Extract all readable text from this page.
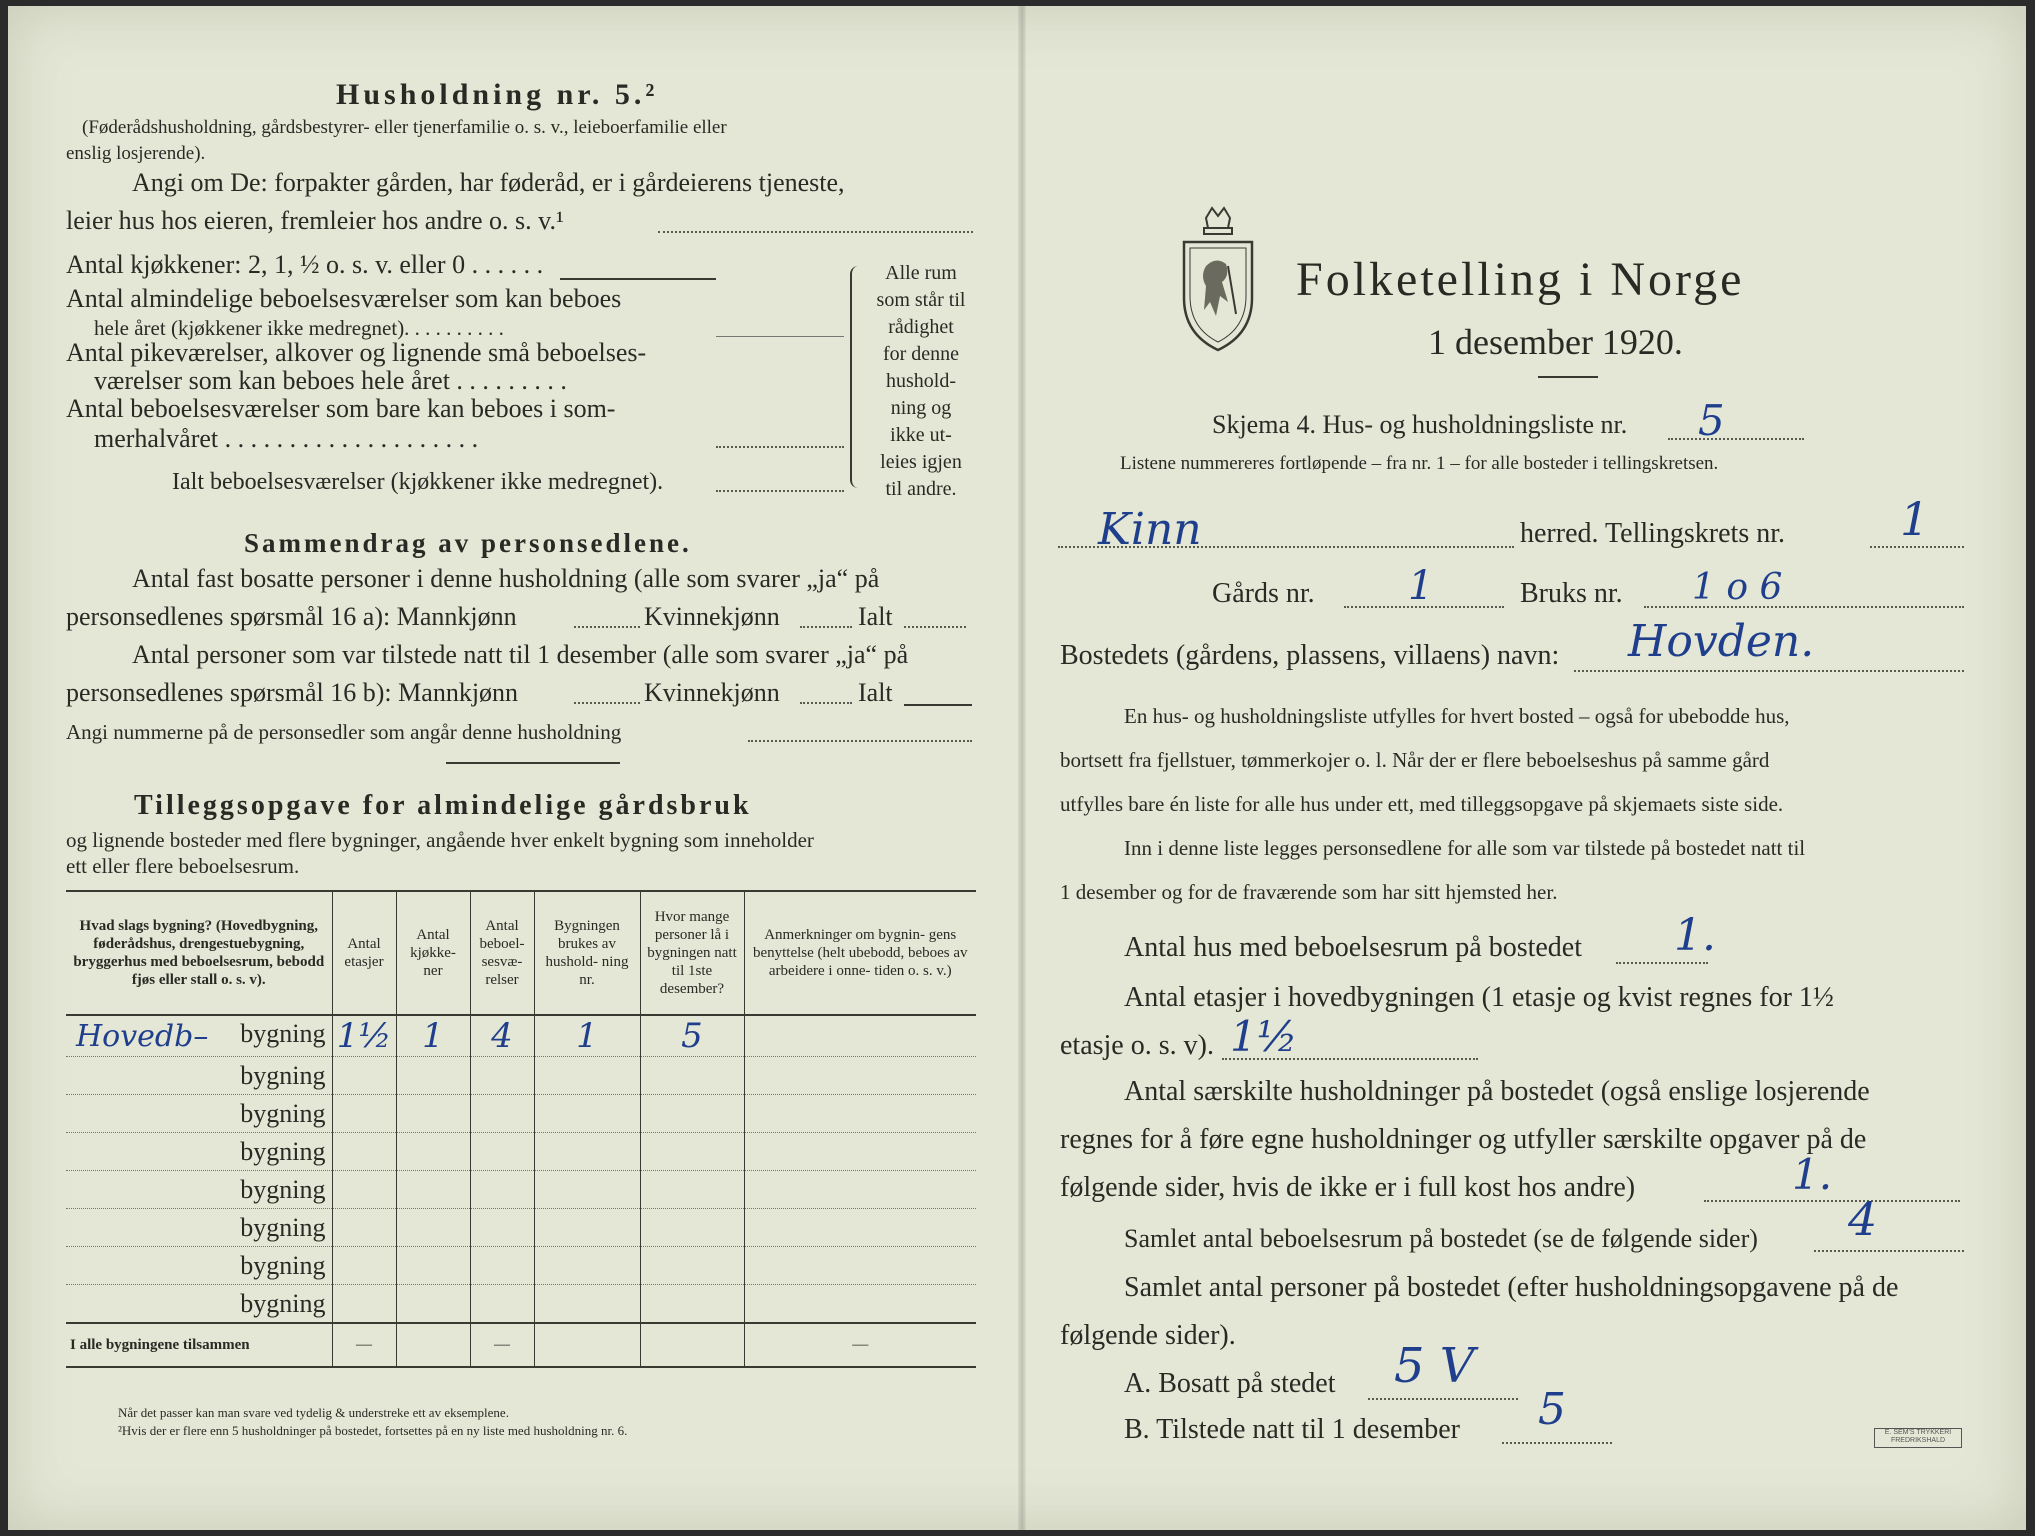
Husholdning nr. 5.²
(Føderådshusholdning, gårdsbestyrer- eller tjenerfamilie o. s. v., leieboerfamilie eller
enslig losjerende).
Angi om De: forpakter gården, har føderåd, er i gårdeierens tjeneste,
leier hus hos eieren, fremleier hos andre o. s. v.¹
Antal kjøkkener: 2, 1, ½ o. s. v. eller 0 . . . . . .
Antal almindelige beboelsesværelser som kan beboes
hele året (kjøkkener ikke medregnet). . . . . . . . . .
Antal pikeværelser, alkover og lignende små beboelses-
værelser som kan beboes hele året . . . . . . . . .
Antal beboelsesværelser som bare kan beboes i som-
merhalvåret . . . . . . . . . . . . . . . . . . . .
Ialt beboelsesværelser (kjøkkener ikke medregnet).
Alle rum
som står til
rådighet
for denne
hushold-
ning og
ikke ut-
leies igjen
til andre.
Sammendrag av personsedlene.
Antal fast bosatte personer i denne husholdning (alle som svarer „ja“ på
personsedlenes spørsmål 16 a): Mannkjønn	Kvinnekjønn	Ialt
Antal personer som var tilstede natt til 1 desember (alle som svarer „ja“ på
personsedlenes spørsmål 16 b): Mannkjønn	Kvinnekjønn	Ialt
Angi nummerne på de personsedler som angår denne husholdning
Tilleggsopgave for almindelige gårdsbruk
og lignende bosteder med flere bygninger, angående hver enkelt bygning som inneholder
ett eller flere beboelsesrum.
Hvad slags bygning? (Hovedbygning, føderådshus, drengestuebygning, bryggerhus med beboelsesrum, bebodd fjøs eller stall o. s. v).	Antal etasjer	Antal kjøkke- ner	Antal beboel- sesvæ- relser	Bygningen brukes av hushold- ning nr.	Hvor mange personer lå i bygningen natt til 1ste desember?	Anmerkninger om bygnin- gens benyttelse (helt ubebodd, beboes av arbeidere i onne- tiden o. s. v.)

Hovedb– bygning	1½	1	4	1	5	
bygning						
bygning						
bygning						
bygning						
bygning						
bygning						
bygning						
I alle bygningene tilsammen	—		—			—
Når det passer kan man svare ved tydelig & understreke ett av eksemplene.
²Hvis der er flere enn 5 husholdninger på bostedet, fortsettes på en ny liste med husholdning nr. 6.
Folketelling i Norge
1 desember 1920.
Skjema 4. Hus- og husholdningsliste nr. 5
Listene nummereres fortløpende – fra nr. 1 – for alle bosteder i tellingskretsen.
Kinn	herred. Tellingskrets nr. 1
Gårds nr. 1	Bruks nr. 1 o 6
Bostedets (gårdens, plassens, villaens) navn: Hovden.
En hus- og husholdningsliste utfylles for hvert bosted – også for ubebodde hus,
bortsett fra fjellstuer, tømmerkojer o. l. Når der er flere beboelseshus på samme gård
utfylles bare én liste for alle hus under ett, med tilleggsopgave på skjemaets siste side.
Inn i denne liste legges personsedlene for alle som var tilstede på bostedet natt til
1 desember og for de fraværende som har sitt hjemsted her.
Antal hus med beboelsesrum på bostedet 1.
Antal etasjer i hovedbygningen (1 etasje og kvist regnes for 1½
etasje o. s. v). 1½
Antal særskilte husholdninger på bostedet (også enslige losjerende
regnes for å føre egne husholdninger og utfyller særskilte opgaver på de
følgende sider, hvis de ikke er i full kost hos andre)	1.
Samlet antal beboelsesrum på bostedet (se de følgende sider) 4
Samlet antal personer på bostedet (efter husholdningsopgavene på de
følgende sider).
A. Bosatt på stedet 5 V
B. Tilstede natt til 1 desember 5	E. SEM'S TRYKKERI FREDRIKSHALD
